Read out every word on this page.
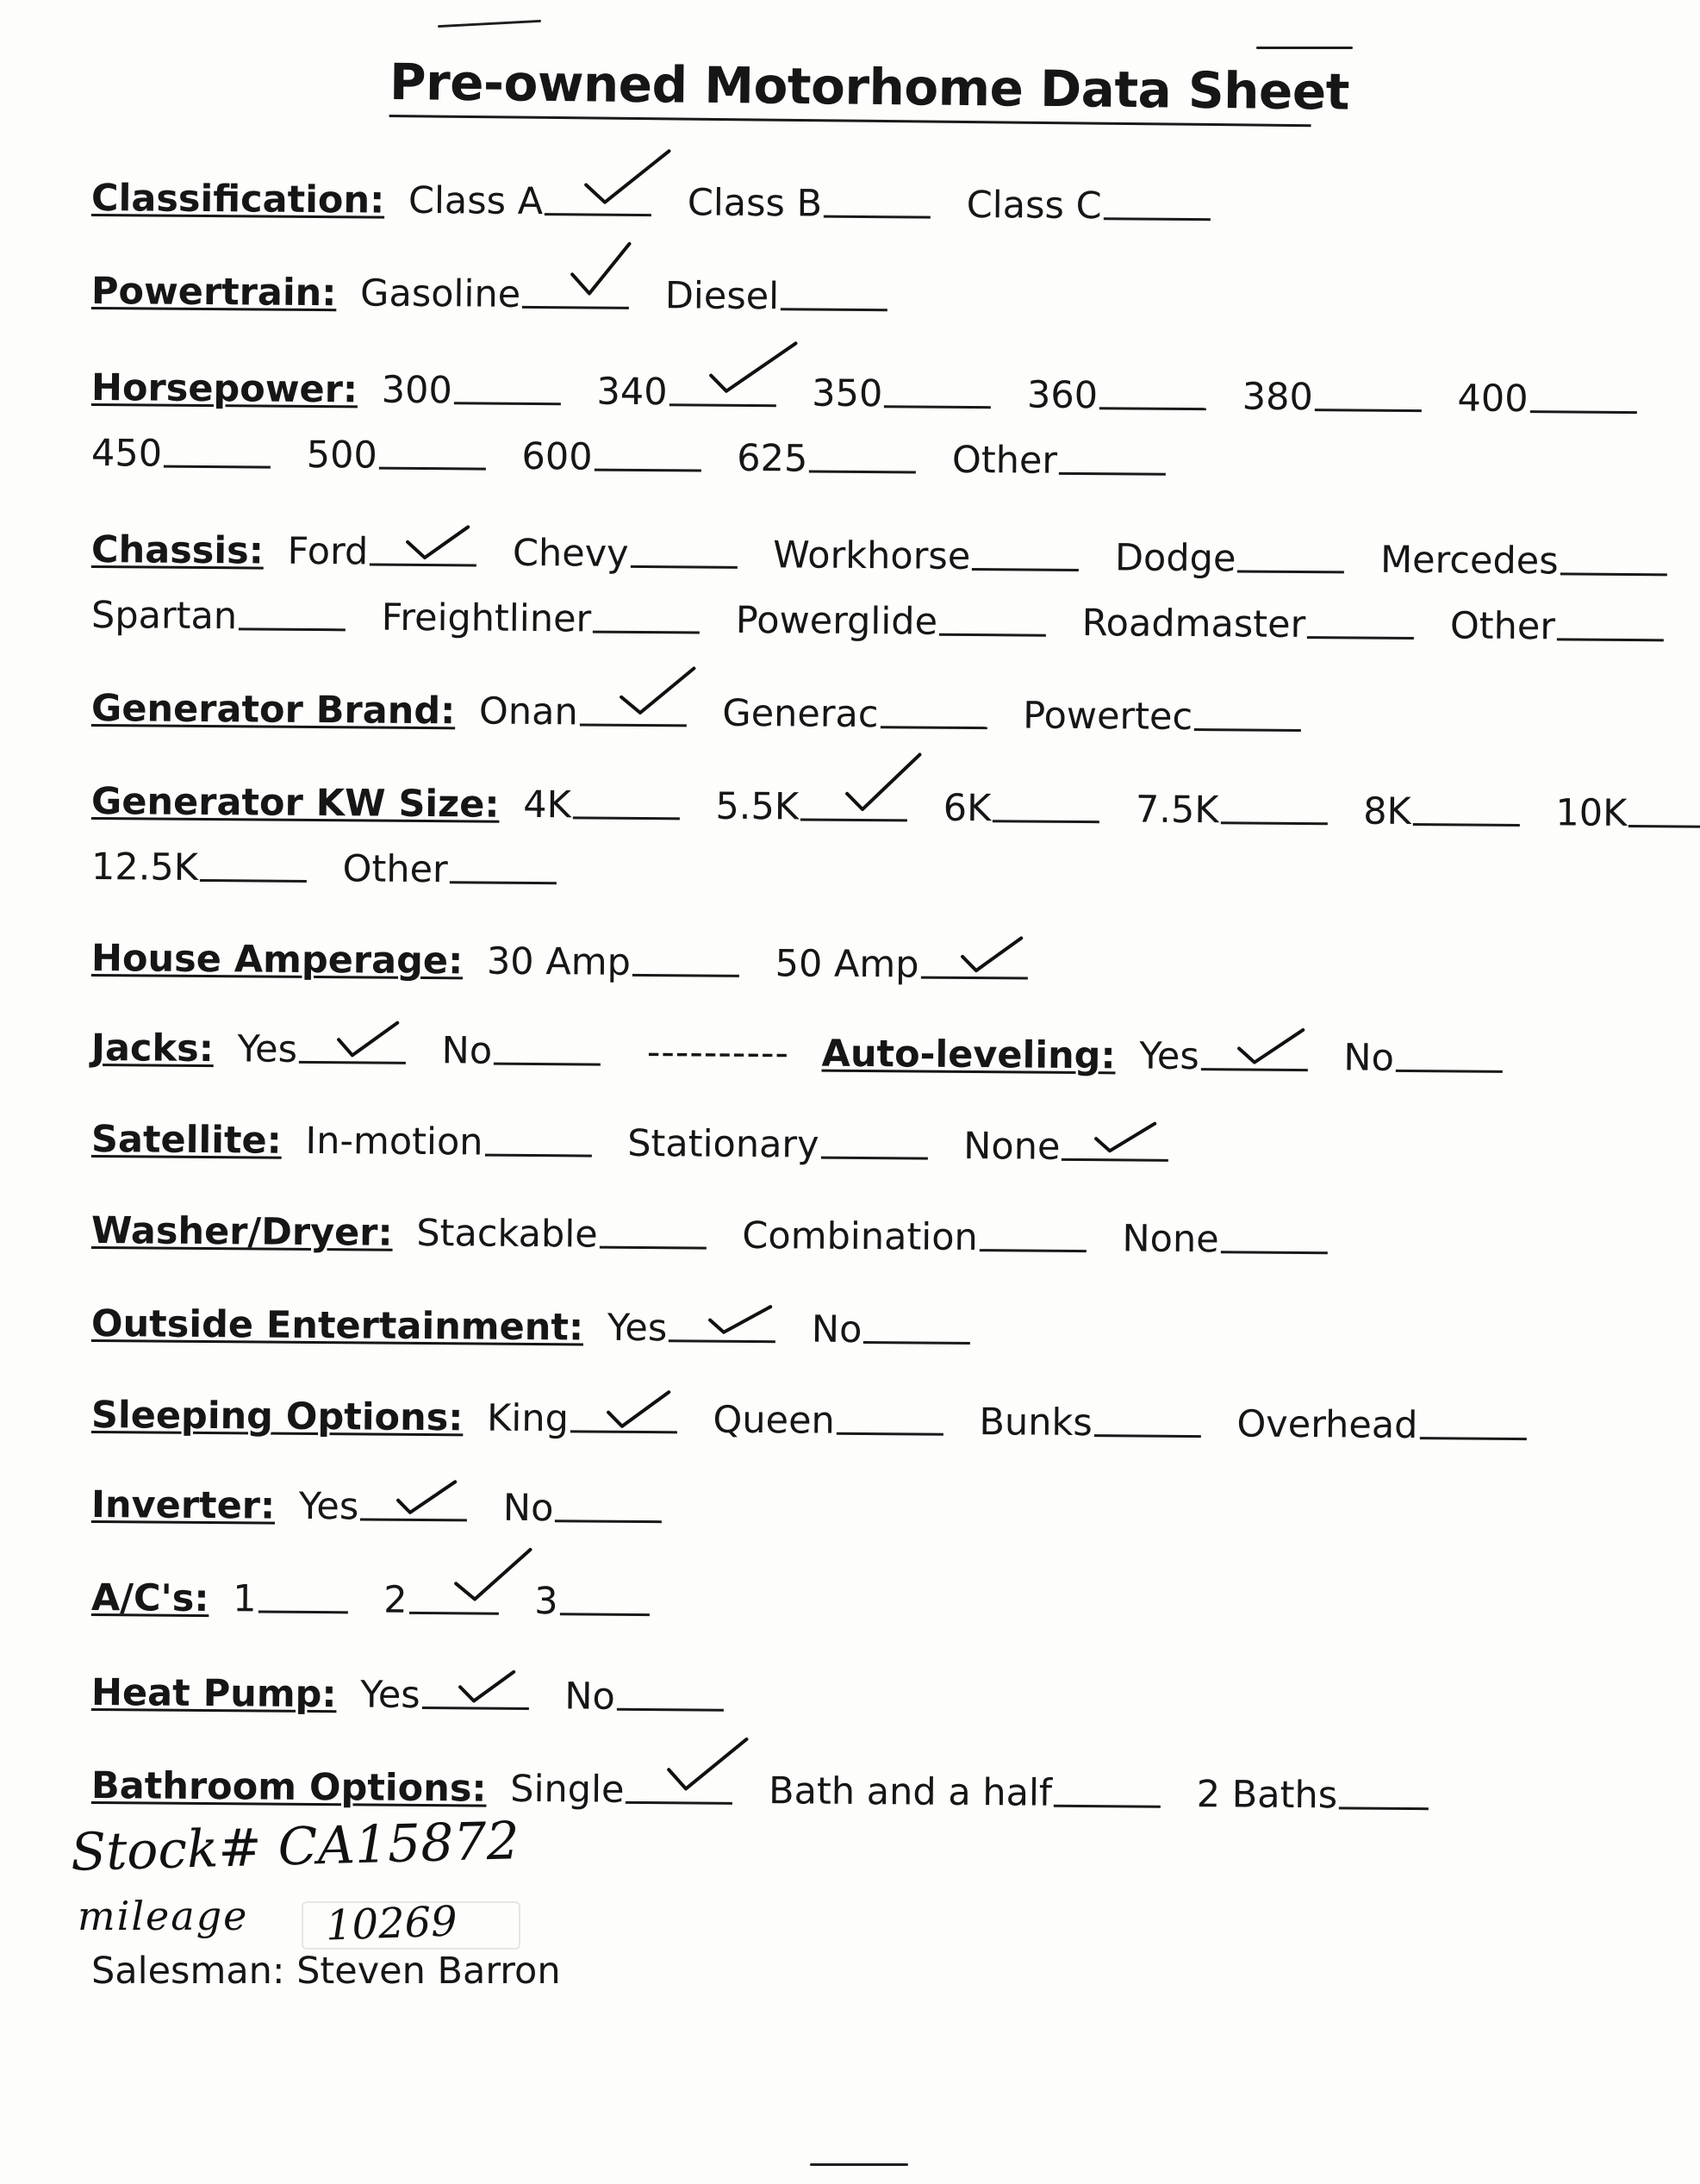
Pre-owned Motorhome Data Sheet
Classification: Class A	Class B	Class C
Powertrain: Gasoline	Diesel
Horsepower: 300	340	350	360	380	400
450	500	600	625	Other
Chassis: Ford	Chevy	Workhorse	Dodge	Mercedes
Spartan	Freightliner	Powerglide	Roadmaster	Other
Generator Brand: Onan	Generac	Powertec
Generator KW Size: 4K	5.5K	6K	7.5K	8K	10K
12.5K	Other
House Amperage: 30 Amp	50 Amp
Jacks: Yes	No	---------- Auto-leveling: Yes	No
Satellite: In-motion	Stationary	None
Washer/Dryer: Stackable	Combination	None
Outside Entertainment: Yes	No
Sleeping Options: King	Queen	Bunks	Overhead
Inverter: Yes	No
A/C's: 1	2	3
Heat Pump: Yes	No
Bathroom Options: Single	Bath and a half	2 Baths
Stock# CA15872
mileage 10269
Salesman: Steven Barron
